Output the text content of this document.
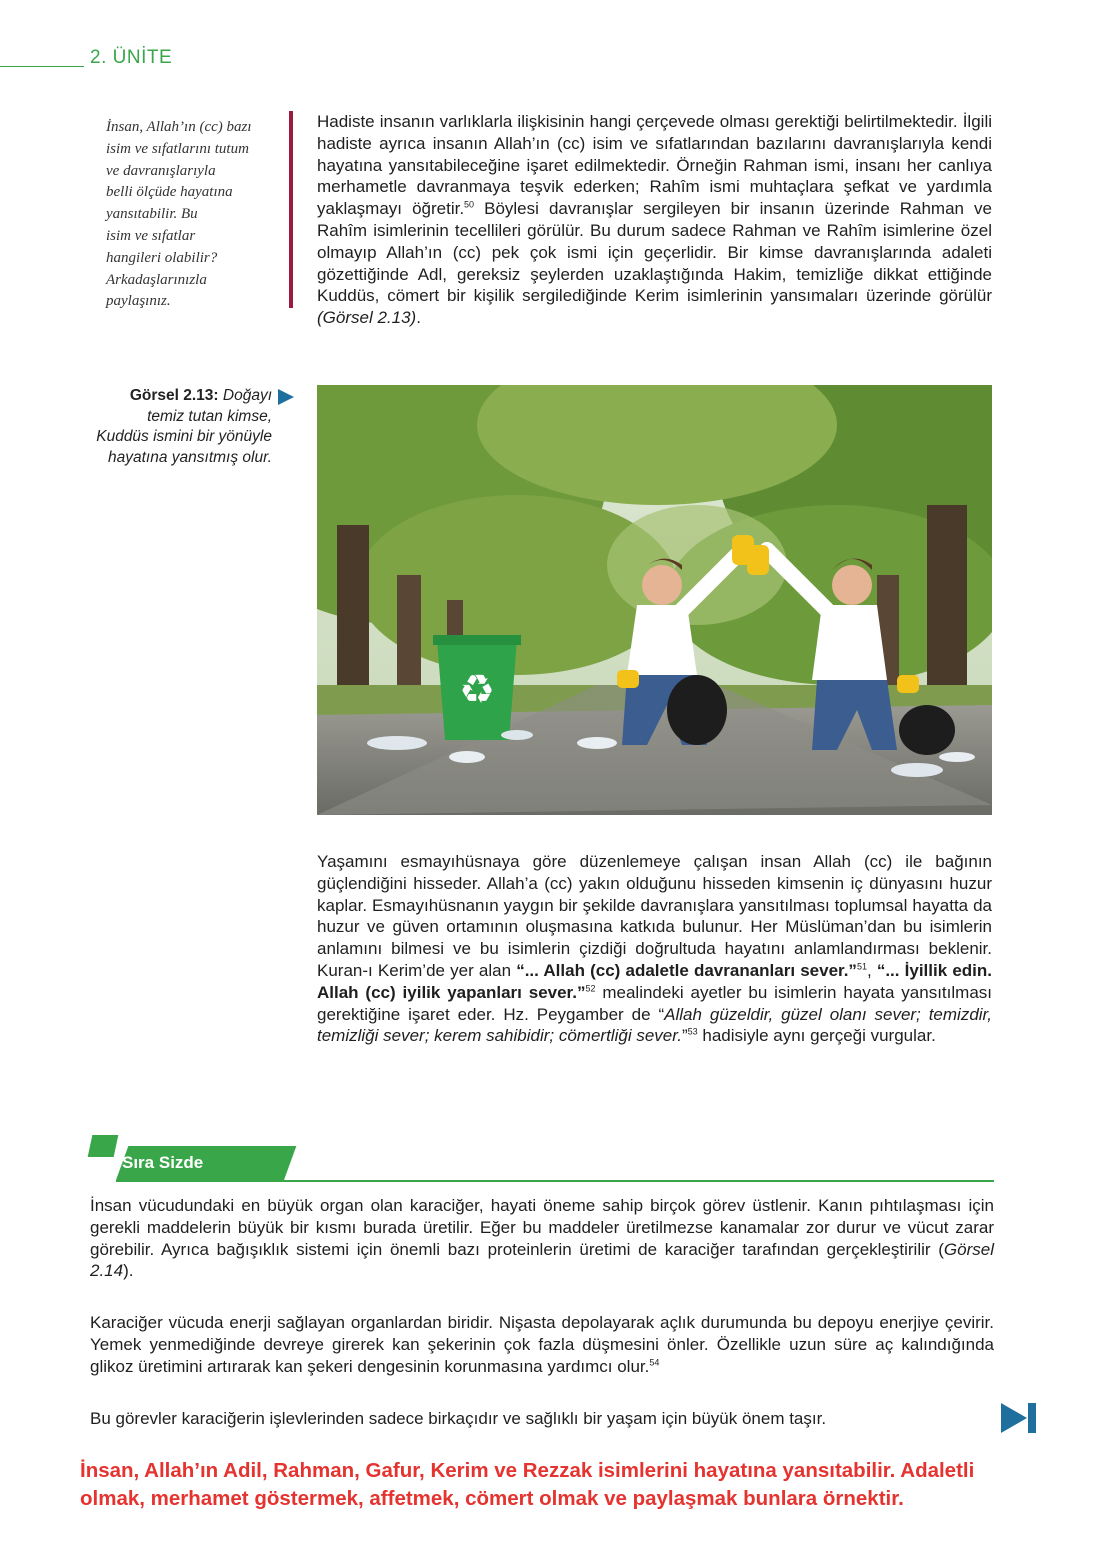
2. ÜNİTE
İnsan, Allah’ın (cc) bazı
isim ve sıfatlarını tutum
ve davranışlarıyla
belli ölçüde hayatına
yansıtabilir. Bu
isim ve sıfatlar
hangileri olabilir?
Arkadaşlarınızla
paylaşınız.
Hadiste insanın varlıklarla ilişkisinin hangi çerçevede olması gerektiği belirtilmektedir. İlgili hadiste ayrıca insanın Allah’ın (cc) isim ve sıfatlarından bazılarını davranışlarıyla kendi hayatına yansıtabileceğine işaret edilmektedir. Örneğin Rahman ismi, insanı her canlıya merhametle davranmaya teşvik ederken; Rahîm ismi muhtaçlara şefkat ve yardımla yaklaşmayı öğretir.$^{50}$ Böylesi davranışlar sergileyen bir insanın üzerinde Rahman ve Rahîm isimlerinin tecellileri görülür. Bu durum sadece Rahman ve Rahîm isimlerine özel olmayıp Allah’ın (cc) pek çok ismi için geçerlidir. Bir kimse davranışlarında adaleti gözettiğinde Adl, gereksiz şeylerden uzaklaştığında Hakim, temizliğe dikkat ettiğinde Kuddüs, cömert bir kişilik sergilediğinde Kerim isimlerinin yansımaları üzerinde görülür (Görsel 2.13).
Görsel 2.13: Doğayı temiz tutan kimse, Kuddüs ismini bir yönüyle hayatına yansıtmış olur.
♻
Yaşamını esmayıhüsnaya göre düzenlemeye çalışan insan Allah (cc) ile bağının güçlendiğini hisseder. Allah’a (cc) yakın olduğunu hisseden kimsenin iç dünyasını huzur kaplar. Esmayıhüsnanın yaygın bir şekilde davranışlara yansıtılması toplumsal hayatta da huzur ve güven ortamının oluşmasına katkıda bulunur. Her Müslüman’dan bu isimlerin anlamını bilmesi ve bu isimlerin çizdiği doğrultuda hayatını anlamlandırması beklenir. Kuran-ı Kerim’de yer alan “... Allah (cc) adaletle davrananları sever.”$^{51}$, “... İyillik edin. Allah (cc) iyilik yapanları sever.”$^{52}$ mealindeki ayetler bu isimlerin hayata yansıtılması gerektiğine işaret eder. Hz. Peygamber de “Allah güzeldir, güzel olanı sever; temizdir, temizliği sever; kerem sahibidir; cömertliği sever.”$^{53}$ hadisiyle aynı gerçeği vurgular.
Sıra Sizde
İnsan vücudundaki en büyük organ olan karaciğer, hayati öneme sahip birçok görev üstlenir. Kanın pıhtılaşması için gerekli maddelerin büyük bir kısmı burada üretilir. Eğer bu maddeler üretilmezse kanamalar zor durur ve vücut zarar görebilir. Ayrıca bağışıklık sistemi için önemli bazı proteinlerin üretimi de karaciğer tarafından gerçekleştirilir (Görsel 2.14).
Karaciğer vücuda enerji sağlayan organlardan biridir. Nişasta depolayarak açlık durumunda bu depoyu enerjiye çevirir. Yemek yenmediğinde devreye girerek kan şekerinin çok fazla düşmesini önler. Özellikle uzun süre aç kalındığında glikoz üretimini artırarak kan şekeri dengesinin korunmasına yardımcı olur.$^{54}$
Bu görevler karaciğerin işlevlerinden sadece birkaçıdır ve sağlıklı bir yaşam için büyük önem taşır.
İnsan, Allah’ın Adil, Rahman, Gafur, Kerim ve Rezzak isimlerini hayatına yansıtabilir. Adaletli
olmak, merhamet göstermek, affetmek, cömert olmak ve paylaşmak bunlara örnektir.
